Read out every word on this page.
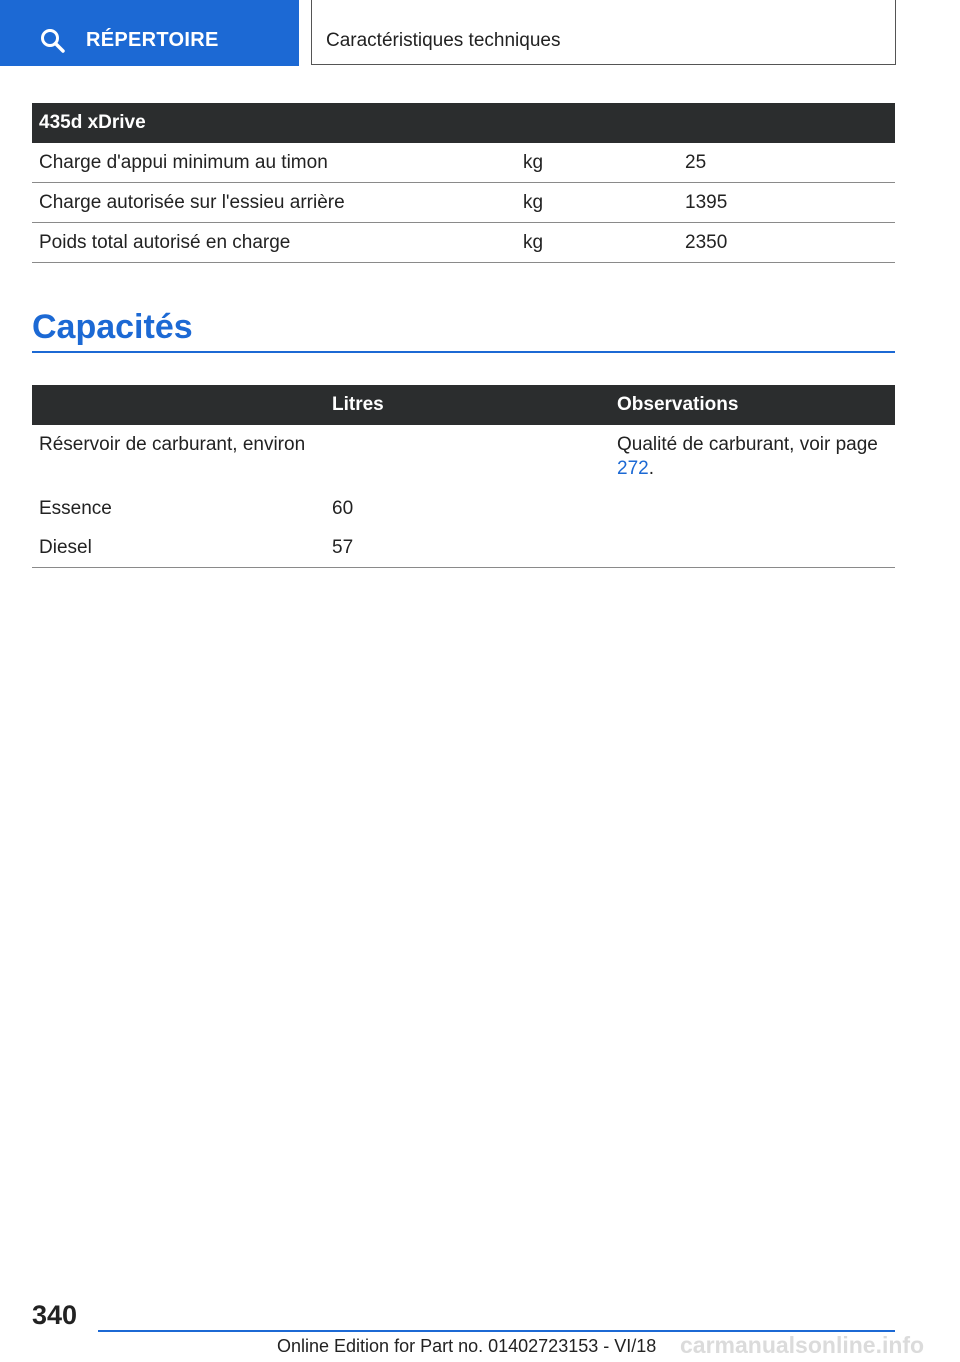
RÉPERTOIRE	Caractéristiques techniques
435d xDrive		
Charge d'appui minimum au timon	kg	25
Charge autorisée sur l'essieu arrière	kg	1395
Poids total autorisé en charge	kg	2350
Capacités
	Litres	Observations
Réservoir de carburant, environ		Qualité de carburant, voir page 272.
Essence	60	
Diesel	57	
340
Online Edition for Part no. 01402723153 - VI/18 carmanualsonline.info
